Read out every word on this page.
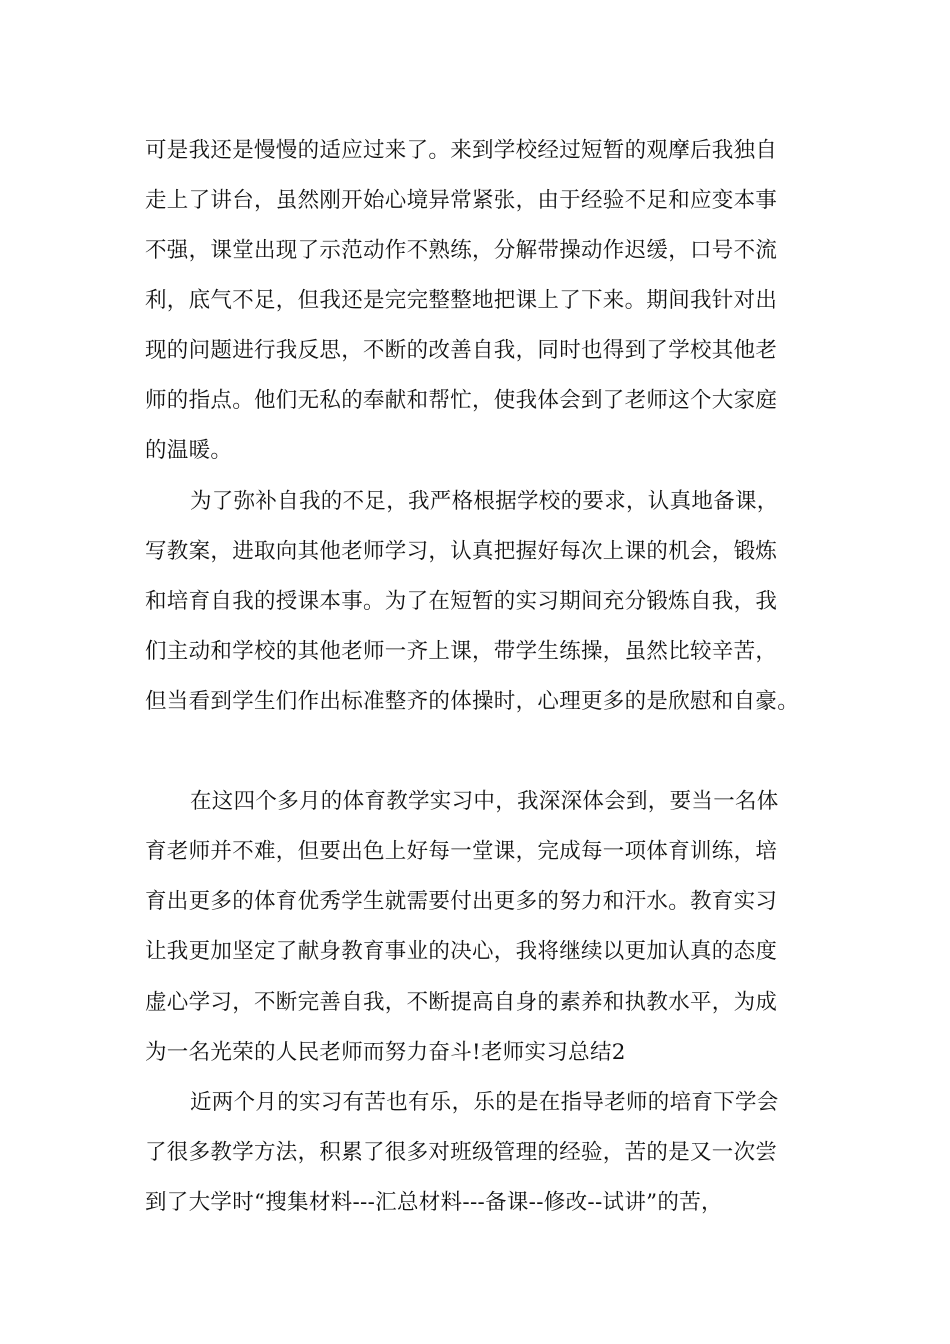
可是我还是慢慢的适应过来了。来到学校经过短暂的观摩后我独自
走上了讲台，虽然刚开始心境异常紧张，由于经验不足和应变本事
不强，课堂出现了示范动作不熟练，分解带操动作迟缓，口号不流
利，底气不足，但我还是完完整整地把课上了下来。期间我针对出
现的问题进行我反思，不断的改善自我，同时也得到了学校其他老
师的指点。他们无私的奉献和帮忙，使我体会到了老师这个大家庭
的温暖。
为了弥补自我的不足，我严格根据学校的要求，认真地备课，
写教案，进取向其他老师学习，认真把握好每次上课的机会，锻炼
和培育自我的授课本事。为了在短暂的实习期间充分锻炼自我，我
们主动和学校的其他老师一齐上课，带学生练操，虽然比较辛苦，
但当看到学生们作出标准整齐的体操时，心理更多的是欣慰和自豪。
在这四个多月的体育教学实习中，我深深体会到，要当一名体
育老师并不难，但要出色上好每一堂课，完成每一项体育训练，培
育出更多的体育优秀学生就需要付出更多的努力和汗水。教育实习
让我更加坚定了献身教育事业的决心，我将继续以更加认真的态度
虚心学习，不断完善自我，不断提高自身的素养和执教水平，为成
为一名光荣的人民老师而努力奋斗!老师实习总结2
近两个月的实习有苦也有乐，乐的是在指导老师的培育下学会
了很多教学方法，积累了很多对班级管理的经验，苦的是又一次尝
到了大学时“搜集材料---汇总材料---备课--修改--试讲”的苦，
